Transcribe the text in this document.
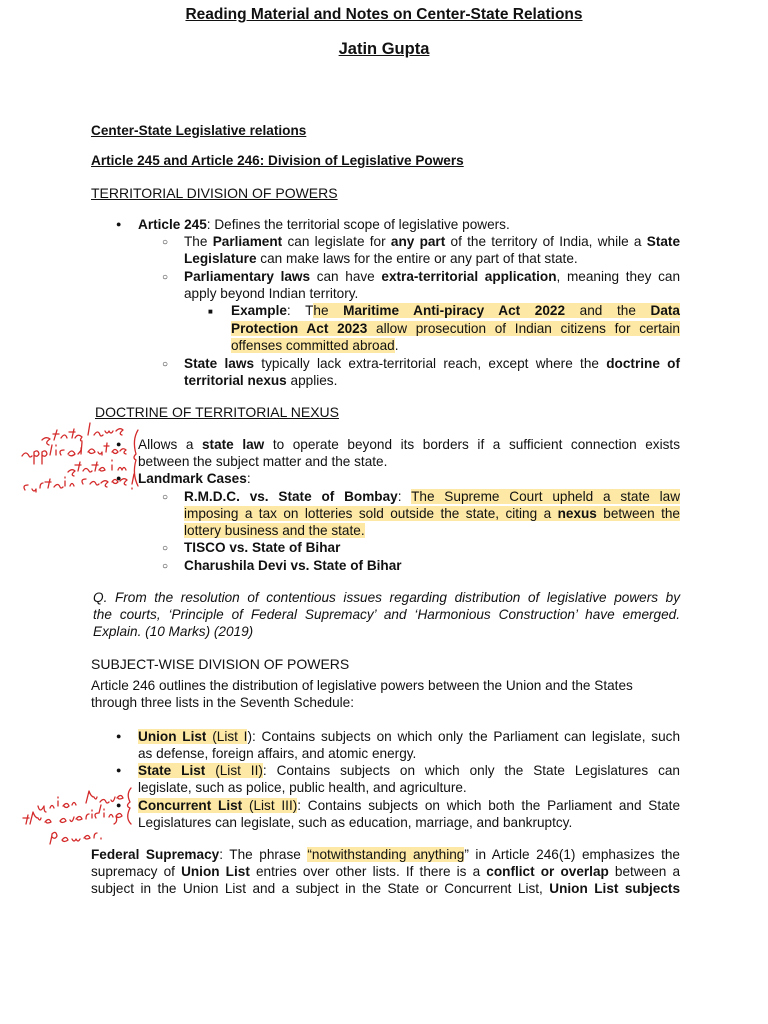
Reading Material and Notes on Center-State Relations
Jatin Gupta
Center-State Legislative relations
Article 245 and Article 246: Division of Legislative Powers
TERRITORIAL DIVISION OF POWERS
●
Article 245: Defines the territorial scope of legislative powers.
○
The Parliament can legislate for any part of the territory of India, while a State
Legislature can make laws for the entire or any part of that state.
○
Parliamentary laws can have extra-territorial application, meaning they can
apply beyond Indian territory.
■
Example: The Maritime Anti-piracy Act 2022 and the Data
Protection Act 2023 allow prosecution of Indian citizens for certain
offenses committed abroad.
○
State laws typically lack extra-territorial reach, except where the doctrine of
territorial nexus applies.
DOCTRINE OF TERRITORIAL NEXUS
●
Allows a state law to operate beyond its borders if a sufficient connection exists
between the subject matter and the state.
●
Landmark Cases:
○
R.M.D.C. vs. State of Bombay: The Supreme Court upheld a state law
imposing a tax on lotteries sold outside the state, citing a nexus between the
lottery business and the state.
○
TISCO vs. State of Bihar
○
Charushila Devi vs. State of Bihar
Q. From the resolution of contentious issues regarding distribution of legislative powers by
the courts, ‘Principle of Federal Supremacy’ and ‘Harmonious Construction’ have emerged.
Explain. (10 Marks) (2019)
SUBJECT-WISE DIVISION OF POWERS
Article 246 outlines the distribution of legislative powers between the Union and the States
through three lists in the Seventh Schedule:
●
Union List (List I): Contains subjects on which only the Parliament can legislate, such
as defense, foreign affairs, and atomic energy.
●
State List (List II): Contains subjects on which only the State Legislatures can
legislate, such as police, public health, and agriculture.
●
Concurrent List (List III): Contains subjects on which both the Parliament and State
Legislatures can legislate, such as education, marriage, and bankruptcy.
Federal Supremacy: The phrase “notwithstanding anything” in Article 246(1) emphasizes the
supremacy of Union List entries over other lists. If there is a conflict or overlap between a
subject in the Union List and a subject in the State or Concurrent List, Union List subjects
